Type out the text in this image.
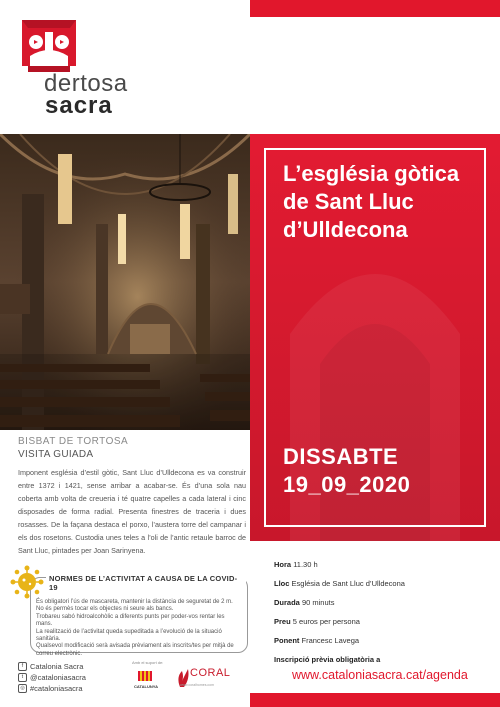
dertosa
sacra
L’església gòtica de Sant Lluc d’Ulldecona
DISSABTE
19_09_2020
BISBAT DE TORTOSA
VISITA GUIADA
Imponent església d’estil gòtic, Sant Lluc d’Ulldecona es va construir entre 1372 i 1421, sense arribar a acabar-se. És d’una sola nau coberta amb volta de creueria i té quatre capelles a cada lateral i cinc disposades de forma radial. Presenta finestres de traceria i dues rosasses. De la façana destaca el porxo, l’austera torre del campanar i els dos rosetons. Custodia unes teles a l’oli de l’antic retaule barroc de Sant Lluc, pintades per Joan Sarinyena.
NORMES DE L’ACTIVITAT A CAUSA DE LA COVID-19
És obligatori l’ús de mascareta, mantenir la distància de seguretat de 2 m.
No és permès tocar els objectes ni seure als bancs.
Trobareu sabó hidroalcohòlic a diferents punts per poder-vos rentar les mans.
La realització de l’activitat queda supeditada a l’evolució de la situació sanitària.
Qualsevol modificació serà avisada prèviament als inscrits/tes per mitjà de correu electrònic.
f Catalonia Sacra
t @cataloniasacra
◎ #cataloniasacra
Amb el suport de:
CATALUNYA
CORAL
www.coralhomes.com
Hora 11.30 h
Lloc Església de Sant Lluc d’Ulldecona
Durada 90 minuts
Preu 5 euros per persona
Ponent Francesc Lavega
Inscripció prèvia obligatòria a
www.cataloniasacra.cat/agenda
